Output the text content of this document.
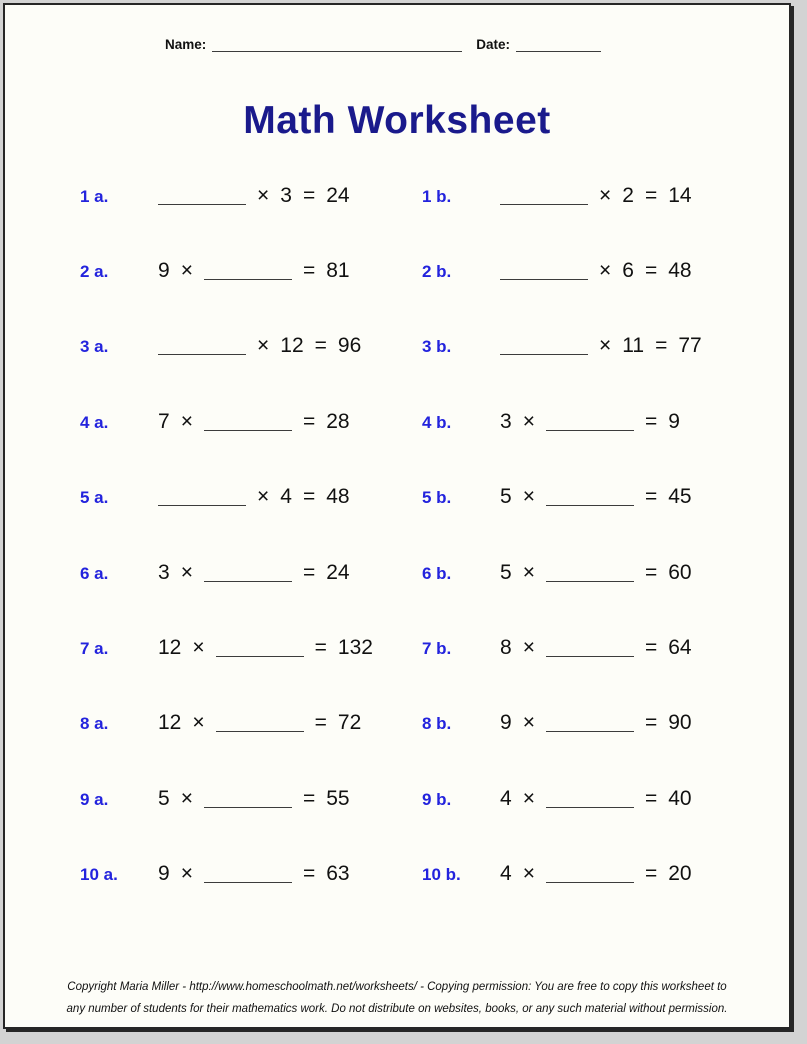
Name:	Date:
Math Worksheet
1 a.	× 3 = 24	1 b.	× 2 = 14
2 a.	9 ×	= 81	2 b.	× 6 = 48
3 a.	× 12 = 96	3 b.	× 11 = 77
4 a.	7 ×	= 28	4 b.	3 ×	= 9
5 a.	× 4 = 48	5 b.	5 ×	= 45
6 a.	3 ×	= 24	6 b.	5 ×	= 60
7 a.	12 ×	= 132	7 b.	8 ×	= 64
8 a.	12 ×	= 72	8 b.	9 ×	= 90
9 a.	5 ×	= 55	9 b.	4 ×	= 40
10 a.	9 ×	= 63	10 b.	4 ×	= 20
Copyright Maria Miller - http://www.homeschoolmath.net/worksheets/ - Copying permission: You are free to copy this worksheet to any number of students for their mathematics work. Do not distribute on websites, books, or any such material without permission.
